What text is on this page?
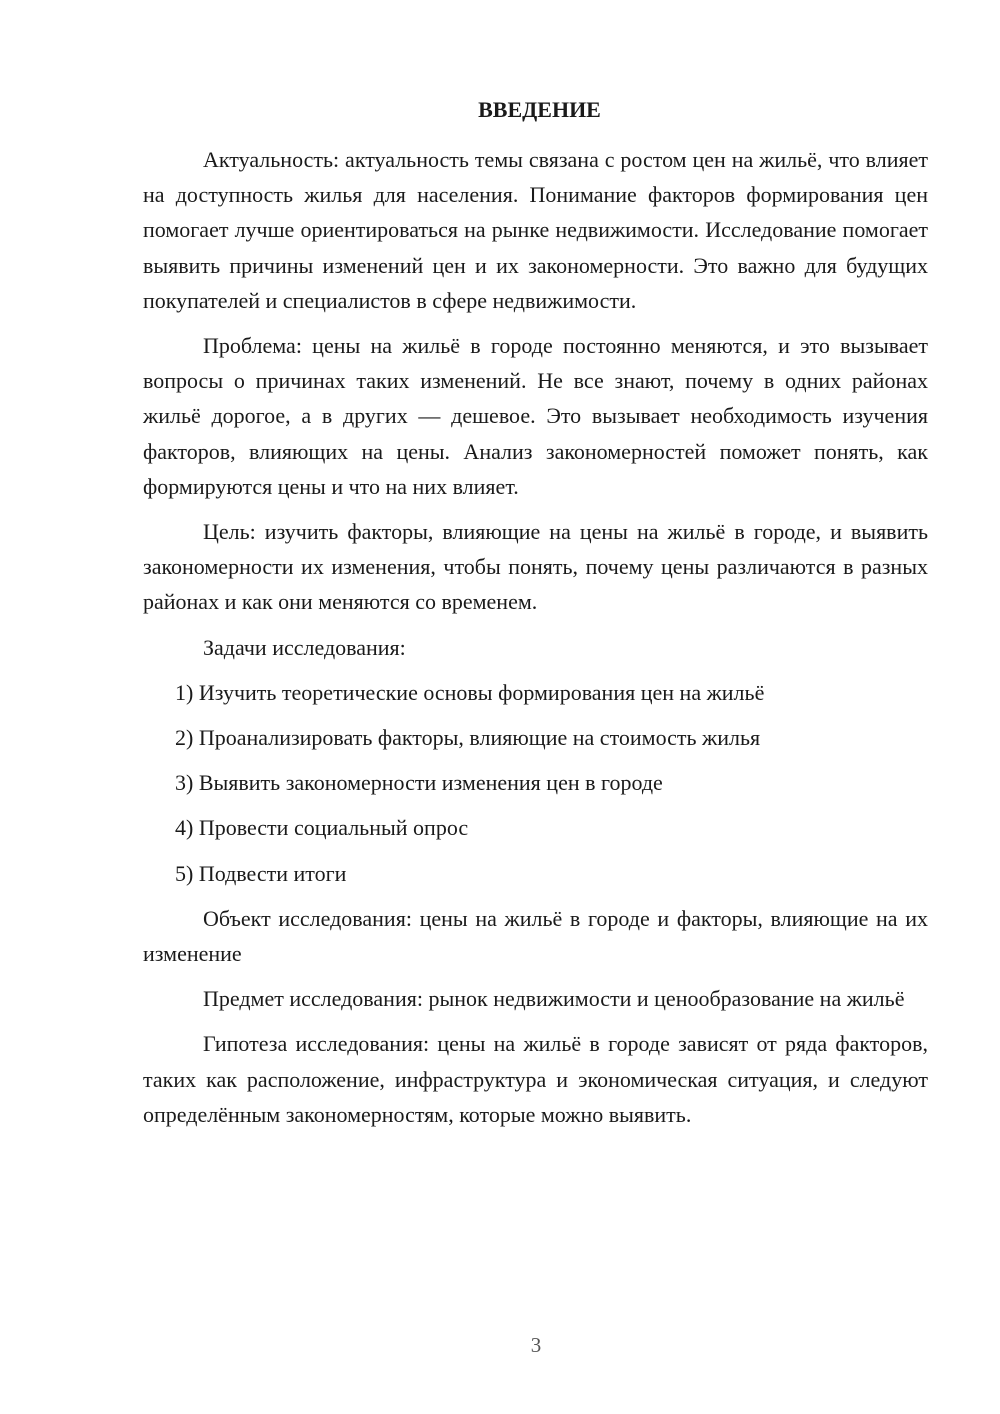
ВВЕДЕНИЕ

Актуальность: актуальность темы связана с ростом цен на жильё, что влияет на доступность жилья для населения. Понимание факторов формирования цен помогает лучше ориентироваться на рынке недвижимости. Исследование помогает выявить причины изменений цен и их закономерности. Это важно для будущих покупателей и специалистов в сфере недвижимости.

Проблема: цены на жильё в городе постоянно меняются, и это вызывает вопросы о причинах таких изменений. Не все знают, почему в одних районах жильё дорогое, а в других — дешевое. Это вызывает необходимость изучения факторов, влияющих на цены. Анализ закономерностей поможет понять, как формируются цены и что на них влияет.

Цель: изучить факторы, влияющие на цены на жильё в городе, и выявить закономерности их изменения, чтобы понять, почему цены различаются в разных районах и как они меняются со временем.

Задачи исследования:

1) Изучить теоретические основы формирования цен на жильё

2) Проанализировать факторы, влияющие на стоимость жилья

3) Выявить закономерности изменения цен в городе

4) Провести социальный опрос

5) Подвести итоги

Объект исследования: цены на жильё в городе и факторы, влияющие на их изменение

Предмет исследования: рынок недвижимости и ценообразование на жильё

Гипотеза исследования: цены на жильё в городе зависят от ряда факторов, таких как расположение, инфраструктура и экономическая ситуация, и следуют определённым закономерностям, которые можно выявить.

3
